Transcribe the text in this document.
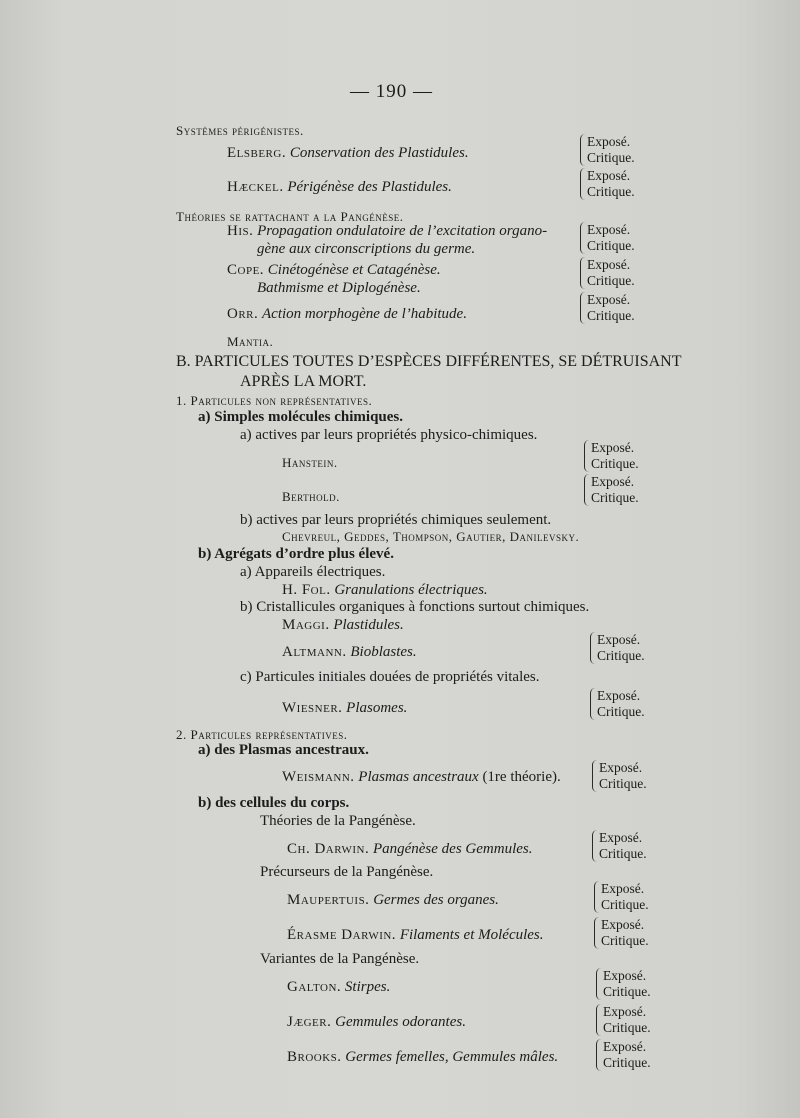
— 190 —
Systèmes périgénistes.
Elsberg. Conservation des Plastidules.
Exposé.
Critique.
Hæckel. Périgénèse des Plastidules.
Exposé.
Critique.
Théories se rattachant a la Pangénèse.
His. Propagation ondulatoire de l’excitation organo-
gène aux circonscriptions du germe.
Exposé.
Critique.
Cope. Cinétogénèse et Catagénèse.
Bathmisme et Diplogénèse.
Exposé.
Critique.
Orr. Action morphogène de l’habitude.
Exposé.
Critique.
Mantia.
B. PARTICULES TOUTES D’ESPÈCES DIFFÉRENTES, SE DÉTRUISANT
APRÈS LA MORT.
1. Particules non représentatives.
a) Simples molécules chimiques.
a) actives par leurs propriétés physico-chimiques.
Hanstein.
Exposé.
Critique.
Berthold.
Exposé.
Critique.
b) actives par leurs propriétés chimiques seulement.
Chevreul, Geddes, Thompson, Gautier, Danilevsky.
b) Agrégats d’ordre plus élevé.
a) Appareils électriques.
H. Fol. Granulations électriques.
b) Cristallicules organiques à fonctions surtout chimiques.
Maggi. Plastidules.
Altmann. Bioblastes.
Exposé.
Critique.
c) Particules initiales douées de propriétés vitales.
Wiesner. Plasomes.
Exposé.
Critique.
2. Particules représentatives.
a) des Plasmas ancestraux.
Weismann. Plasmas ancestraux (1re théorie).
Exposé.
Critique.
b) des cellules du corps.
Théories de la Pangénèse.
Ch. Darwin. Pangénèse des Gemmules.
Exposé.
Critique.
Précurseurs de la Pangénèse.
Maupertuis. Germes des organes.
Exposé.
Critique.
Érasme Darwin. Filaments et Molécules.
Exposé.
Critique.
Variantes de la Pangénèse.
Galton. Stirpes.
Exposé.
Critique.
Jæger. Gemmules odorantes.
Exposé.
Critique.
Brooks. Germes femelles, Gemmules mâles.
Exposé.
Critique.
